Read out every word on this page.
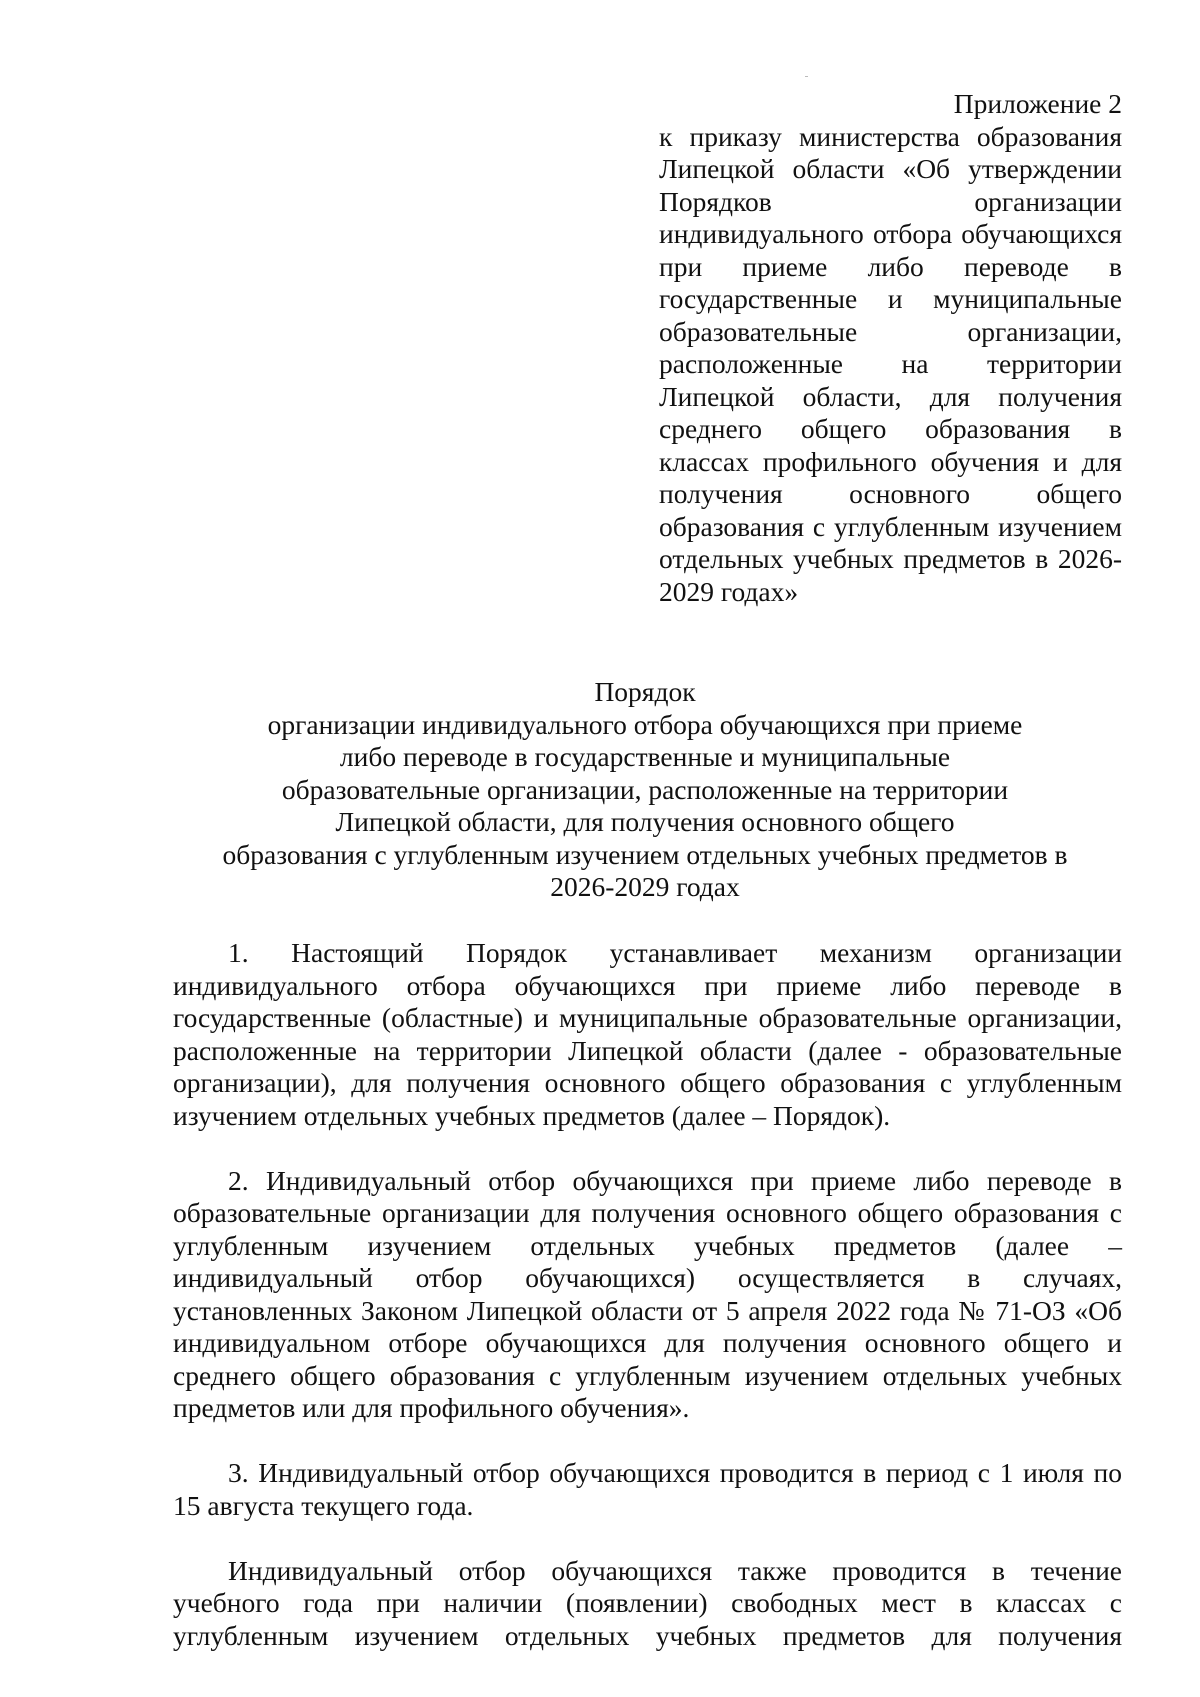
Приложение 2
к приказу министерства образования Липецкой области «Об утверждении Порядков организации индивидуального отбора обучающихся при приеме либо переводе в государственные и муниципальные образовательные организации, расположенные на территории Липецкой области, для получения среднего общего образования в классах профильного обучения и для получения основного общего образования с углубленным изучением отдельных учебных предметов в 2026-2029 годах»
Порядок
организации индивидуального отбора обучающихся при приеме
либо переводе в государственные и муниципальные
образовательные организации, расположенные на территории
Липецкой области, для получения основного общего
образования с углубленным изучением отдельных учебных предметов в
2026-2029 годах

1. Настоящий Порядок устанавливает механизм организации индивидуального отбора обучающихся при приеме либо переводе в государственные (областные) и муниципальные образовательные организации, расположенные на территории Липецкой области (далее - образовательные организации), для получения основного общего образования с углубленным изучением отдельных учебных предметов (далее – Порядок).

2. Индивидуальный отбор обучающихся при приеме либо переводе в образовательные организации для получения основного общего образования с углубленным изучением отдельных учебных предметов (далее – индивидуальный отбор обучающихся) осуществляется в случаях, установленных Законом Липецкой области от 5 апреля 2022 года № 71-ОЗ «Об индивидуальном отборе обучающихся для получения основного общего и среднего общего образования с углубленным изучением отдельных учебных предметов или для профильного обучения».

3. Индивидуальный отбор обучающихся проводится в период с 1 июля по 15 августа текущего года.

Индивидуальный отбор обучающихся также проводится в течение учебного года при наличии (появлении) свободных мест в классах с углубленным изучением отдельных учебных предметов для получения
